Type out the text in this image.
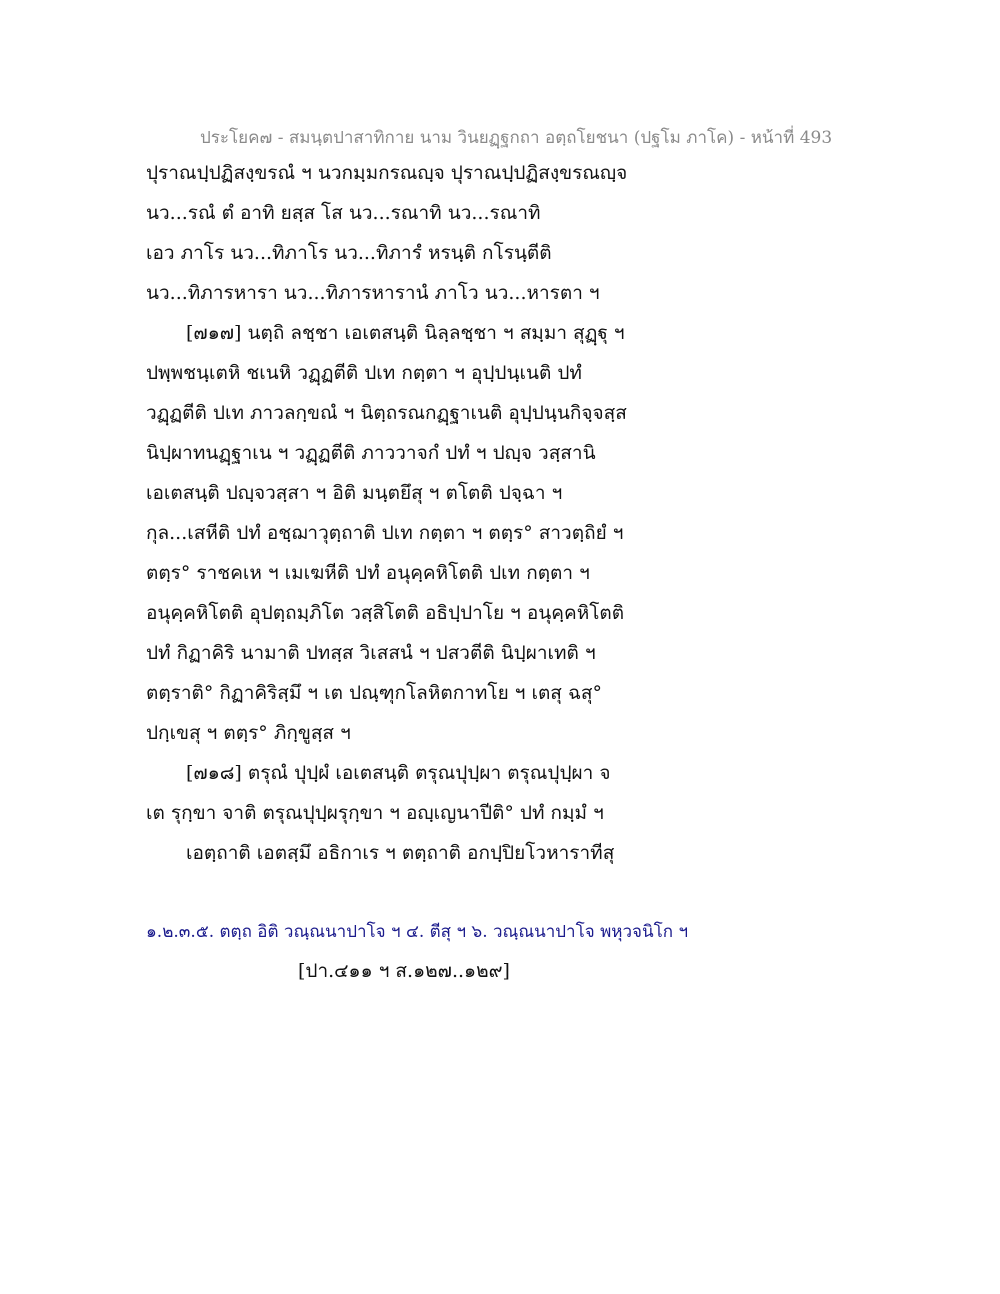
ประโยค๗ - สมนฺตปาสาทิกาย นาม วินยฏฺฐกถา อตฺถโยชนา (ปฐโม ภาโค) - หน้าที่ 493
ปุราณปฺปฏิสงฺขรณํ ฯ นวกมฺมกรณญฺจ ปุราณปฺปฏิสงฺขรณญฺจ
นว...รณํ ตํ อาทิ ยสฺส โส นว...รณาทิ นว...รณาทิ
เอว ภาโร นว...ทิภาโร นว...ทิภารํ หรนฺติ กโรนฺตีติ
นว...ทิภารหารา นว...ทิภารหารานํ ภาโว นว...หารตา ฯ
[๗๑๗] นตฺถิ ลชฺชา เอเตสนฺติ นิลฺลชฺชา ฯ สมฺมา สุฏฺฐุ ฯ
ปพฺพชนฺเตหิ ชเนหิ วฏฺฏตีติ ปเท กตฺตา ฯ อุปฺปนฺเนติ ปทํ
วฏฺฏตีติ ปเท ภาวลกฺขณํ ฯ นิตฺถรณกฏฺฐาเนติ อุปฺปนฺนกิจฺจสฺส
นิปฺผาทนฏฺฐาเน ฯ วฏฺฏตีติ ภาววาจกํ ปทํ ฯ ปญฺจ วสฺสานิ
เอเตสนฺติ ปญฺจวสฺสา ฯ อิติ มนฺตยึสุ ฯ ตโตติ ปจฺฉา ฯ
กุล...เสหีติ ปทํ อชฺฌาวุตฺถาติ ปเท กตฺตา ฯ ตตฺร° สาวตฺถิยํ ฯ
ตตฺร° ราชคเห ฯ เมเฆหีติ ปทํ อนุคฺคหิโตติ ปเท กตฺตา ฯ
อนุคฺคหิโตติ อุปตฺถมฺภิโต วสฺสิโตติ อธิปฺปาโย ฯ อนุคฺคหิโตติ
ปทํ กิฏาคิริ นามาติ ปทสฺส วิเสสนํ ฯ ปสวตีติ นิปฺผาเทติ ฯ
ตตฺราติ° กิฏาคิริสฺมึ ฯ เต ปณฺฑุกโลหิตกาทโย ฯ เตสุ ฉสุ°
ปกฺเขสุ ฯ ตตฺร° ภิกฺขูสฺส ฯ
[๗๑๘] ตรุณํ ปุปฺผํ เอเตสนฺติ ตรุณปุปฺผา ตรุณปุปฺผา จ
เต รุกฺขา จาติ ตรุณปุปฺผรุกฺขา ฯ อญฺเญนาปีติ° ปทํ กมฺมํ ฯ
เอตฺถาติ เอตสฺมึ อธิกาเร ฯ ตตฺถาติ อกปฺปิยโวหาราทีสุ
๑.๒.๓.๕. ตตฺถ อิติ วณฺณนาปาโจ ฯ ๔. ตีสุ ฯ ๖. วณฺณนาปาโจ พหุวจนิโก ฯ
[ปา.๔๑๑ ฯ ส.๑๒๗..๑๒๙]
